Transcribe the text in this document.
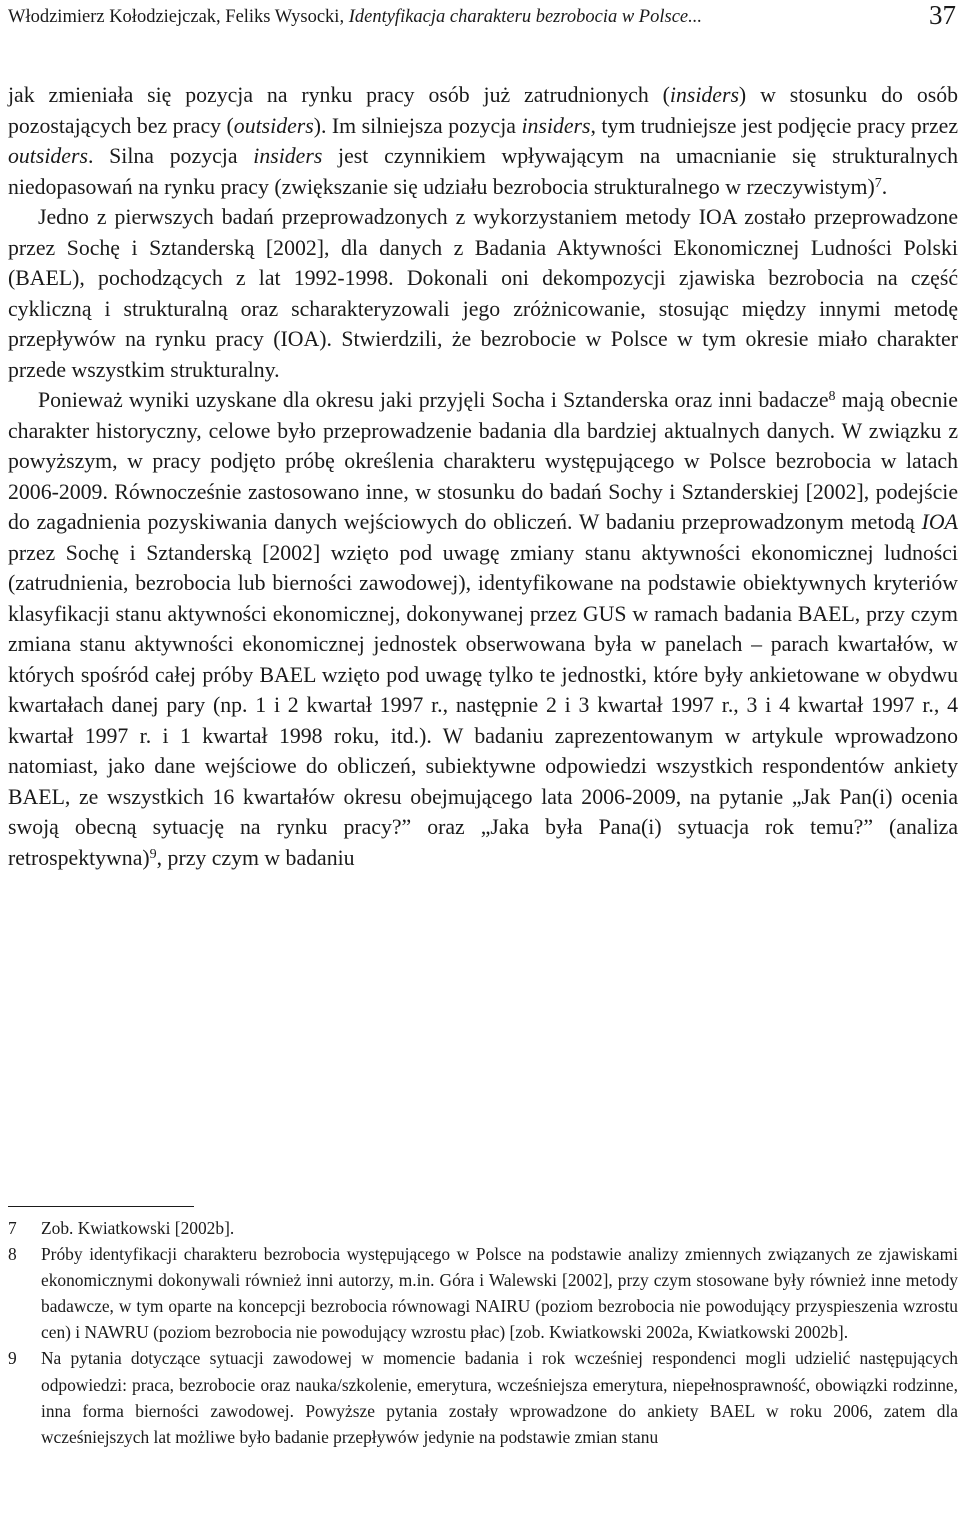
Włodzimierz Kołodziejczak, Feliks Wysocki, Identyfikacja charakteru bezrobocia w Polsce...	37

jak zmieniała się pozycja na rynku pracy osób już zatrudnionych (insiders) w stosunku do osób pozostających bez pracy (outsiders). Im silniejsza pozycja insiders, tym trudniejsze jest podjęcie pracy przez outsiders. Silna pozycja insiders jest czynnikiem wpływającym na umacnianie się strukturalnych niedopasowań na rynku pracy (zwiększanie się udziału bezrobocia strukturalnego w rzeczywistym)$^7$.

Jedno z pierwszych badań przeprowadzonych z wykorzystaniem metody IOA zostało przeprowadzone przez Sochę i Sztanderską [2002], dla danych z Badania Aktywności Ekonomicznej Ludności Polski (BAEL), pochodzących z lat 1992-1998. Dokonali oni dekompozycji zjawiska bezrobocia na część cykliczną i strukturalną oraz scharakteryzowali jego zróżnicowanie, stosując między innymi metodę przepływów na rynku pracy (IOA). Stwierdzili, że bezrobocie w Polsce w tym okresie miało charakter przede wszystkim strukturalny.

Ponieważ wyniki uzyskane dla okresu jaki przyjęli Socha i Sztanderska oraz inni badacze$^8$ mają obecnie charakter historyczny, celowe było przeprowadzenie badania dla bardziej aktualnych danych. W związku z powyższym, w pracy podjęto próbę określenia charakteru występującego w Polsce bezrobocia w latach 2006-2009. Równocześnie zastosowano inne, w stosunku do badań Sochy i Sztanderskiej [2002], podejście do zagadnienia pozyskiwania danych wejściowych do obliczeń. W badaniu przeprowadzonym metodą IOA przez Sochę i Sztanderską [2002] wzięto pod uwagę zmiany stanu aktywności ekonomicznej ludności (zatrudnienia, bezrobocia lub bierności zawodowej), identyfikowane na podstawie obiektywnych kryteriów klasyfikacji stanu aktywności ekonomicznej, dokonywanej przez GUS w ramach badania BAEL, przy czym zmiana stanu aktywności ekonomicznej jednostek obserwowana była w panelach – parach kwartałów, w których spośród całej próby BAEL wzięto pod uwagę tylko te jednostki, które były ankietowane w obydwu kwartałach danej pary (np. 1 i 2 kwartał 1997 r., następnie 2 i 3 kwartał 1997 r., 3 i 4 kwartał 1997 r., 4 kwartał 1997 r. i 1 kwartał 1998 roku, itd.). W badaniu zaprezentowanym w artykule wprowadzono natomiast, jako dane wejściowe do obliczeń, subiektywne odpowiedzi wszystkich respondentów ankiety BAEL, ze wszystkich 16 kwartałów okresu obejmującego lata 2006-2009, na pytanie „Jak Pan(i) ocenia swoją obecną sytuację na rynku pracy?” oraz „Jaka była Pana(i) sytuacja rok temu?” (analiza retrospektywna)$^9$, przy czym w badaniu

7 Zob. Kwiatkowski [2002b].

8 Próby identyfikacji charakteru bezrobocia występującego w Polsce na podstawie analizy zmiennych związanych ze zjawiskami ekonomicznymi dokonywali również inni autorzy, m.in. Góra i Walewski [2002], przy czym stosowane były również inne metody badawcze, w tym oparte na koncepcji bezrobocia równowagi NAIRU (poziom bezrobocia nie powodujący przyspieszenia wzrostu cen) i NAWRU (poziom bezrobocia nie powodujący wzrostu płac) [zob. Kwiatkowski 2002a, Kwiatkowski 2002b].

9 Na pytania dotyczące sytuacji zawodowej w momencie badania i rok wcześniej respondenci mogli udzielić następujących odpowiedzi: praca, bezrobocie oraz nauka/szkolenie, emerytura, wcześniejsza emerytura, niepełnosprawność, obowiązki rodzinne, inna forma bierności zawodowej. Powyższe pytania zostały wprowadzone do ankiety BAEL w roku 2006, zatem dla wcześniejszych lat możliwe było badanie przepływów jedynie na podstawie zmian stanu
